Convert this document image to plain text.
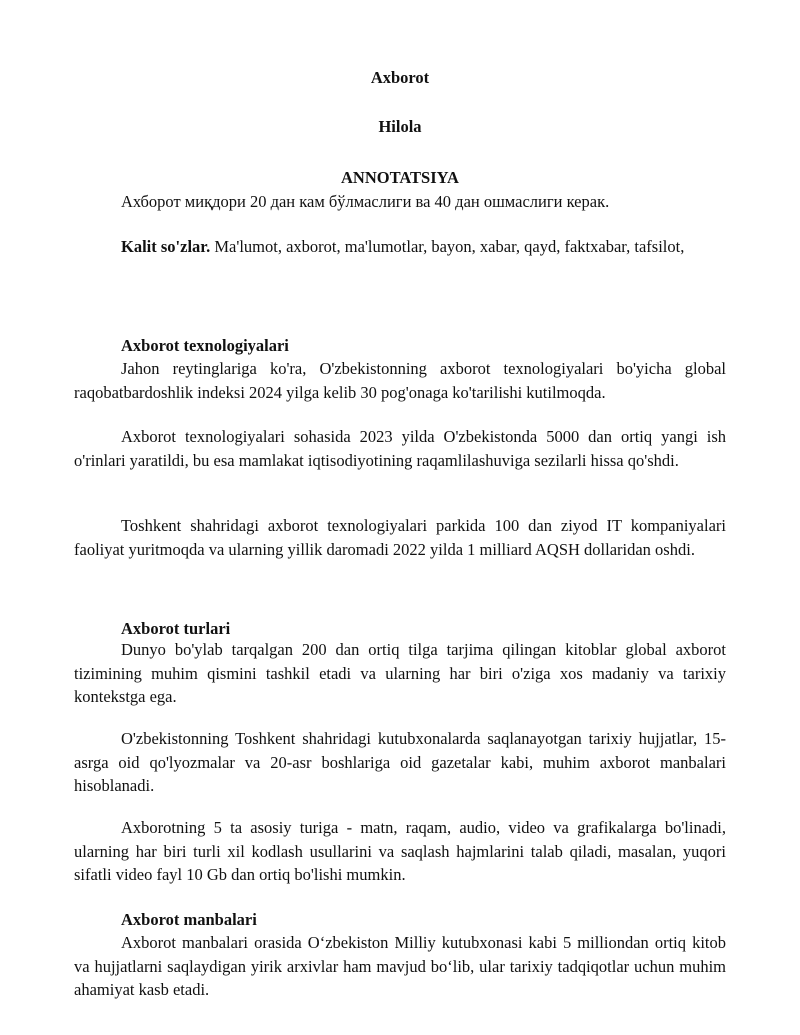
Axborot
Hilola
ANNOTATSIYA

Ахборот миқдори 20 дан кам бўлмаслиги ва 40 дан ошмаслиги керак.

Kalit so'zlar. Ma'lumot, axborot, ma'lumotlar, bayon, xabar, qayd, faktxabar, tafsilot,

Axborot texnologiyalari

Jahon reytinglariga ko'ra, O'zbekistonning axborot texnologiyalari bo'yicha global raqobatbardoshlik indeksi 2024 yilga kelib 30 pog'onaga ko'tarilishi kutilmoqda.

Axborot texnologiyalari sohasida 2023 yilda O'zbekistonda 5000 dan ortiq yangi ish o'rinlari yaratildi, bu esa mamlakat iqtisodiyotining raqamlilashuviga sezilarli hissa qo'shdi.

Toshkent shahridagi axborot texnologiyalari parkida 100 dan ziyod IT kompaniyalari faoliyat yuritmoqda va ularning yillik daromadi 2022 yilda 1 milliard AQSH dollaridan oshdi.

Axborot turlari

Dunyo bo'ylab tarqalgan 200 dan ortiq tilga tarjima qilingan kitoblar global axborot tizimining muhim qismini tashkil etadi va ularning har biri o'ziga xos madaniy va tarixiy kontekstga ega.

O'zbekistonning Toshkent shahridagi kutubxonalarda saqlanayotgan tarixiy hujjatlar, 15-asrga oid qo'lyozmalar va 20-asr boshlariga oid gazetalar kabi, muhim axborot manbalari hisoblanadi.

Axborotning 5 ta asosiy turiga - matn, raqam, audio, video va grafikalarga bo'linadi, ularning har biri turli xil kodlash usullarini va saqlash hajmlarini talab qiladi, masalan, yuqori sifatli video fayl 10 Gb dan ortiq bo'lishi mumkin.

Axborot manbalari

Axborot manbalari orasida O‘zbekiston Milliy kutubxonasi kabi 5 milliondan ortiq kitob va hujjatlarni saqlaydigan yirik arxivlar ham mavjud bo‘lib, ular tarixiy tadqiqotlar uchun muhim ahamiyat kasb etadi.
